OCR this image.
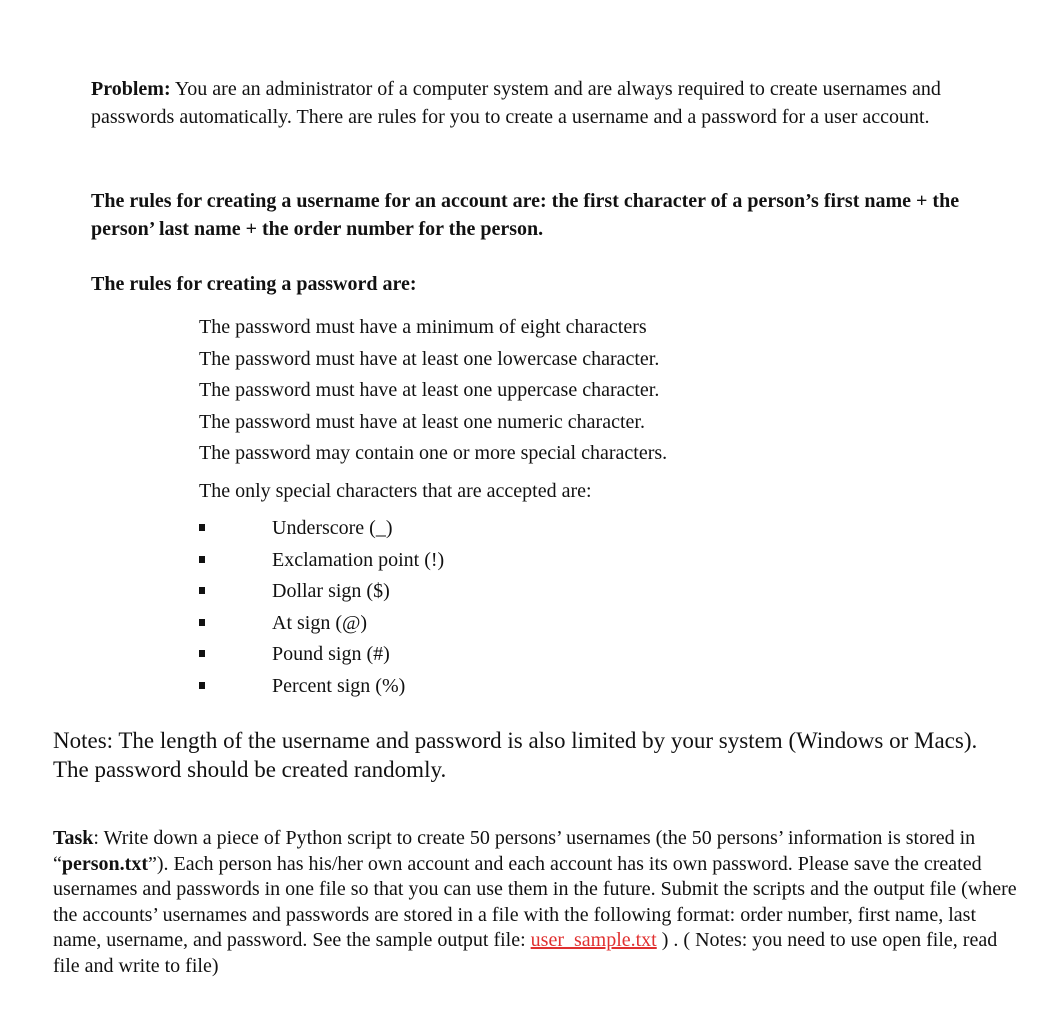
Problem: You are an administrator of a computer system and are always required to create usernames and passwords automatically. There are rules for you to create a username and a password for a user account.

The rules for creating a username for an account are: the first character of a person’s first name + the person’ last name + the order number for the person.

The rules for creating a password are:

The password must have a minimum of eight characters
The password must have at least one lowercase character.
The password must have at least one uppercase character.
The password must have at least one numeric character.
The password may contain one or more special characters.
The only special characters that are accepted are:
Underscore (_)
Exclamation point (!)
Dollar sign ($)
At sign (@)
Pound sign (#)
Percent sign (%)

Notes: The length of the username and password is also limited by your system (Windows or Macs). The password should be created randomly.

Task: Write down a piece of Python script to create 50 persons’ usernames (the 50 persons’ information is stored in “person.txt”). Each person has his/her own account and each account has its own password. Please save the created usernames and passwords in one file so that you can use them in the future. Submit the scripts and the output file (where the accounts’ usernames and passwords are stored in a file with the following format: order number, first name, last name, username, and password. See the sample output file: user_sample.txt ) . ( Notes: you need to use open file, read file and write to file)
